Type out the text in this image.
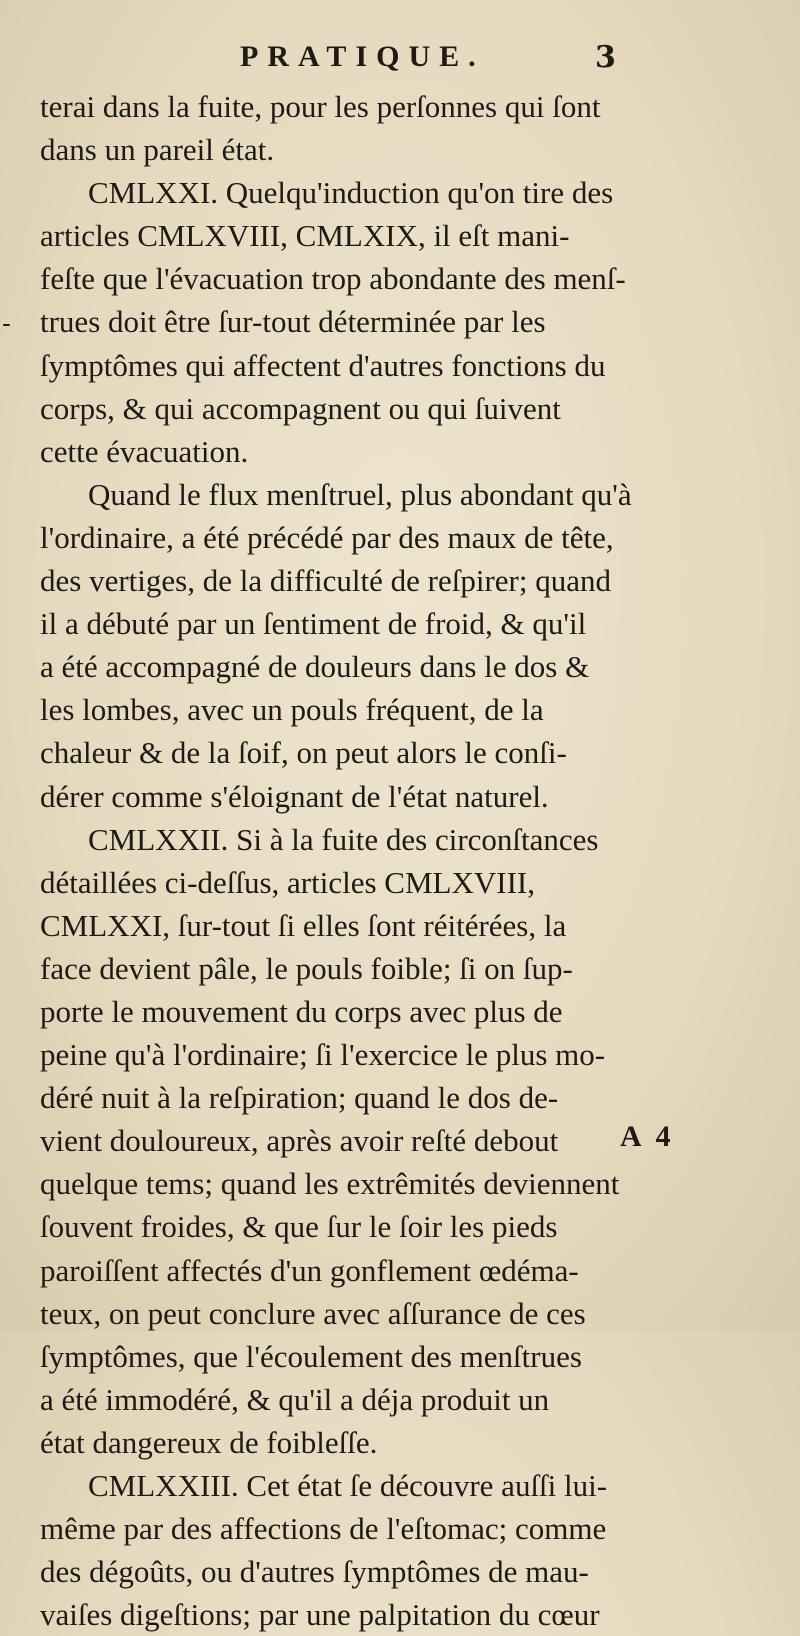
PRATIQUE.	3
-
terai dans la fuite, pour les perſonnes qui ſont
dans un pareil état.
CMLXXI. Quelqu'induction qu'on tire des
articles CMLXVIII, CMLXIX, il eſt mani-
feſte que l'évacuation trop abondante des menſ-
trues doit être ſur-tout déterminée par les
ſymptômes qui affectent d'autres fonctions du
corps, & qui accompagnent ou qui ſuivent
cette évacuation.
Quand le flux menſtruel, plus abondant qu'à
l'ordinaire, a été précédé par des maux de tête,
des vertiges, de la difficulté de reſpirer; quand
il a débuté par un ſentiment de froid, & qu'il
a été accompagné de douleurs dans le dos &
les lombes, avec un pouls fréquent, de la
chaleur & de la ſoif, on peut alors le conſi-
dérer comme s'éloignant de l'état naturel.
CMLXXII. Si à la fuite des circonſtances
détaillées ci-deſſus, articles CMLXVIII,
CMLXXI, ſur-tout ſi elles ſont réitérées, la
face devient pâle, le pouls foible; ſi on ſup-
porte le mouvement du corps avec plus de
peine qu'à l'ordinaire; ſi l'exercice le plus mo-
déré nuit à la reſpiration; quand le dos de-
vient douloureux, après avoir reſté debout
quelque tems; quand les extrêmités deviennent
ſouvent froides, & que ſur le ſoir les pieds
paroiſſent affectés d'un gonflement œdéma-
teux, on peut conclure avec aſſurance de ces
ſymptômes, que l'écoulement des menſtrues
a été immodéré, & qu'il a déja produit un
état dangereux de foibleſſe.
CMLXXIII. Cet état ſe découvre auſſi lui-
même par des affections de l'eſtomac; comme
des dégoûts, ou d'autres ſymptômes de mau-
vaiſes digeſtions; par une palpitation du cœur
A 4
